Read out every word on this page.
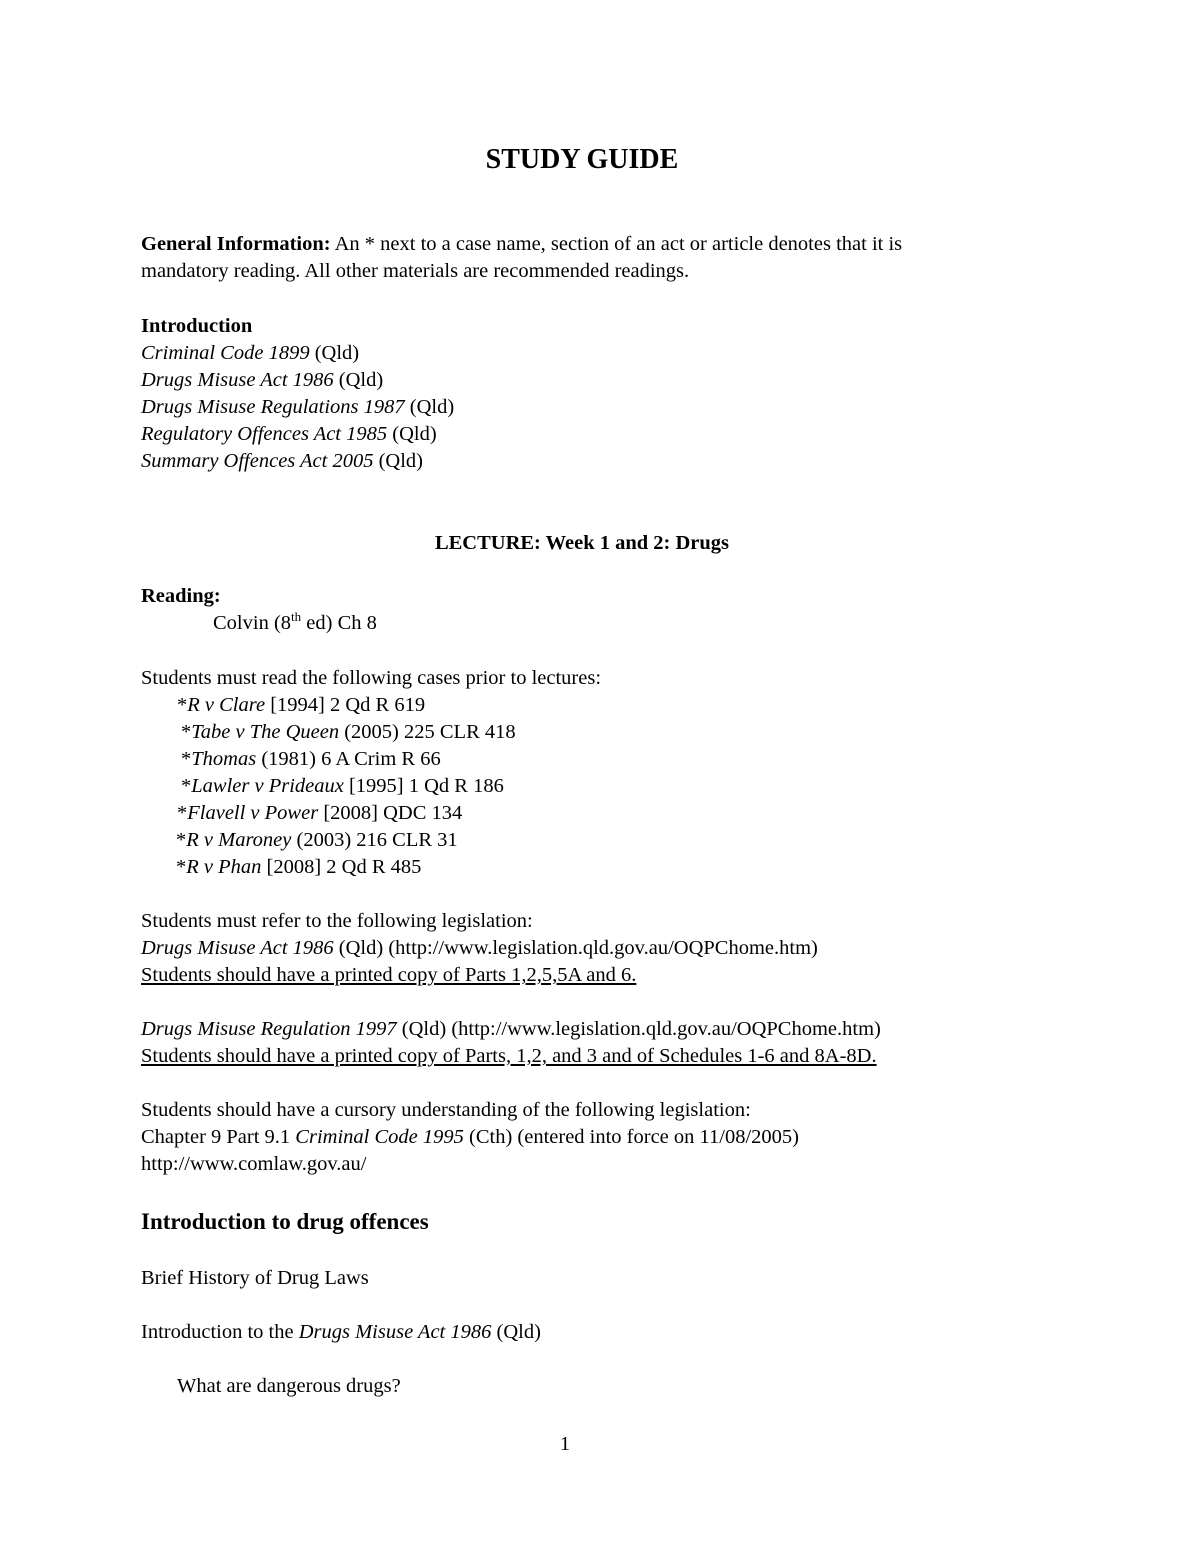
STUDY GUIDE
General Information: An * next to a case name, section of an act or article denotes that it is
mandatory reading. All other materials are recommended readings.
Introduction
Criminal Code 1899 (Qld)
Drugs Misuse Act 1986 (Qld)
Drugs Misuse Regulations 1987 (Qld)
Regulatory Offences Act 1985 (Qld)
Summary Offences Act 2005 (Qld)
LECTURE: Week 1 and 2: Drugs
Reading:
Colvin (8th ed) Ch 8
Students must read the following cases prior to lectures:
*R v Clare [1994] 2 Qd R 619
*Tabe v The Queen (2005) 225 CLR 418
*Thomas (1981) 6 A Crim R 66
*Lawler v Prideaux [1995] 1 Qd R 186
*Flavell v Power [2008] QDC 134
*R v Maroney (2003) 216 CLR 31
*R v Phan [2008] 2 Qd R 485
Students must refer to the following legislation:
Drugs Misuse Act 1986 (Qld) (http://www.legislation.qld.gov.au/OQPChome.htm)
Students should have a printed copy of Parts 1,2,5,5A and 6.

Drugs Misuse Regulation 1997 (Qld) (http://www.legislation.qld.gov.au/OQPChome.htm)
Students should have a printed copy of Parts, 1,2, and 3 and of Schedules 1-6 and 8A-8D.
Students should have a cursory understanding of the following legislation:
Chapter 9 Part 9.1 Criminal Code 1995 (Cth) (entered into force on 11/08/2005)
http://www.comlaw.gov.au/
Introduction to drug offences
Brief History of Drug Laws
Introduction to the Drugs Misuse Act 1986 (Qld)
What are dangerous drugs?
1
